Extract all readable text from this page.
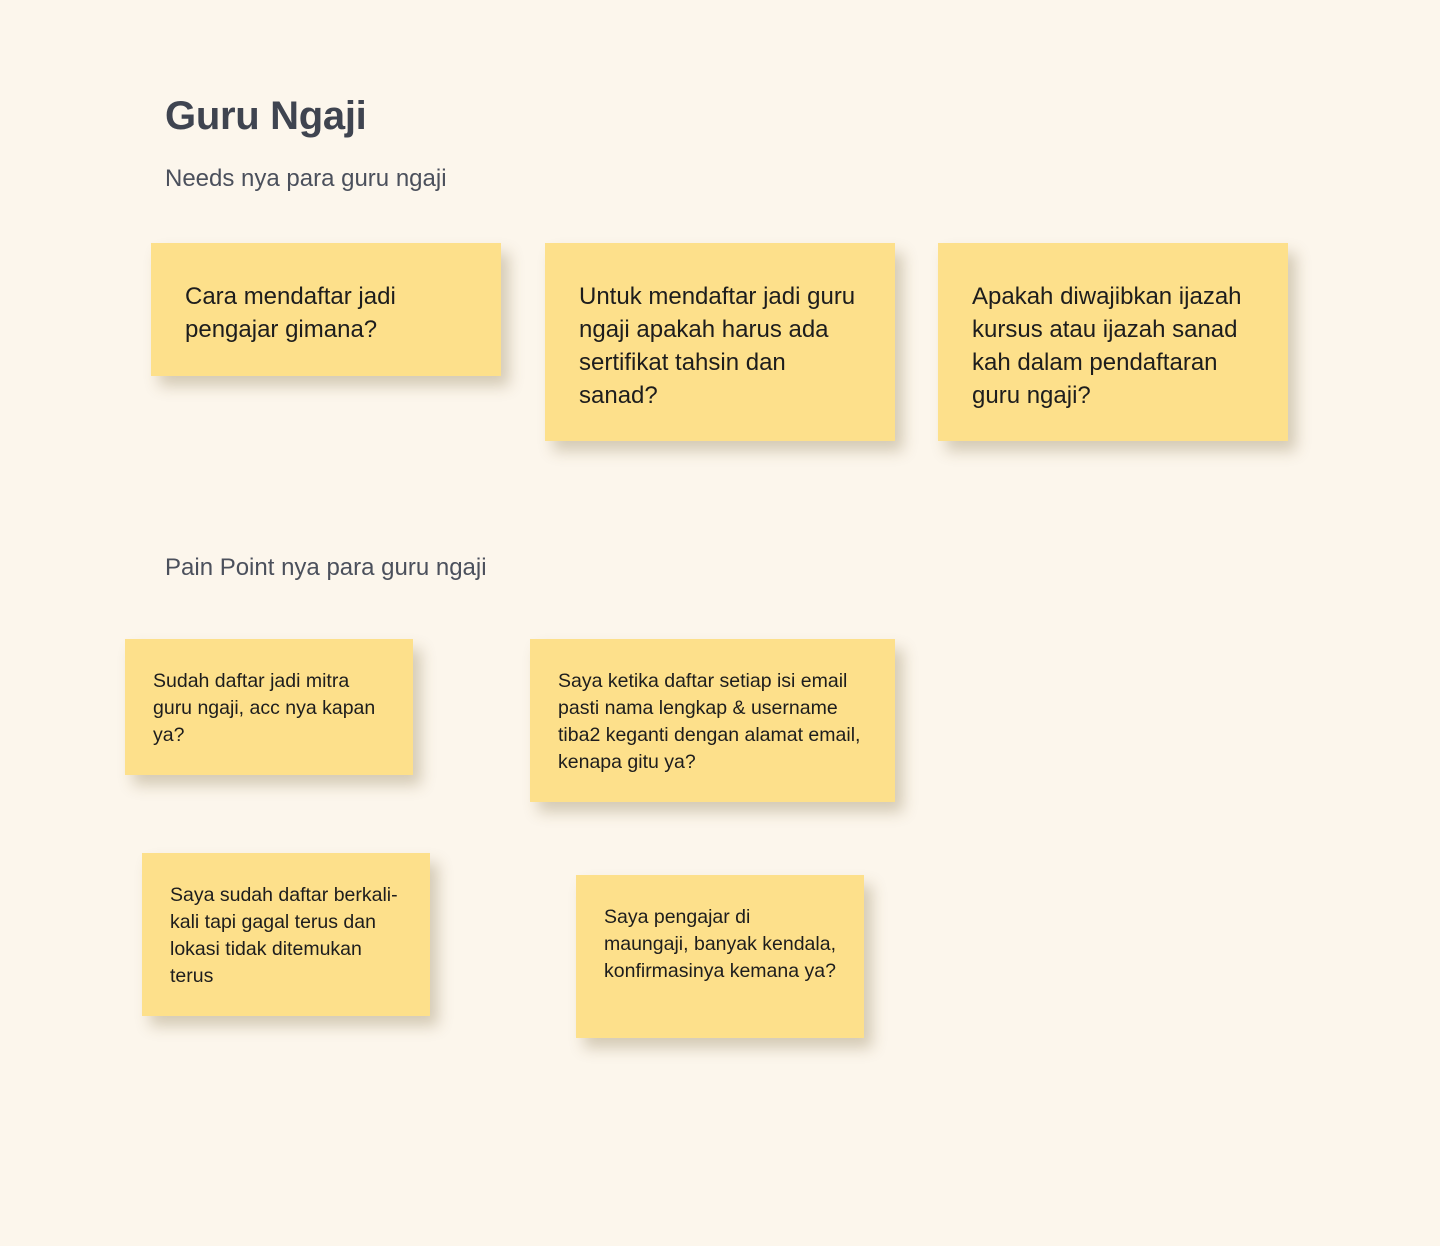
Guru Ngaji

Needs nya para guru ngaji

Cara mendaftar jadi pengajar gimana?
Untuk mendaftar jadi guru ngaji apakah harus ada sertifikat tahsin dan sanad?
Apakah diwajibkan ijazah kursus atau ijazah sanad kah dalam pendaftaran guru ngaji?

Pain Point nya para guru ngaji

Sudah daftar jadi mitra guru ngaji, acc nya kapan ya?
Saya ketika daftar setiap isi email pasti nama lengkap & username tiba2 keganti dengan alamat email, kenapa gitu ya?
Saya sudah daftar berkali-kali tapi gagal terus dan lokasi tidak ditemukan terus
Saya pengajar di maungaji, banyak kendala, konfirmasinya kemana ya?
